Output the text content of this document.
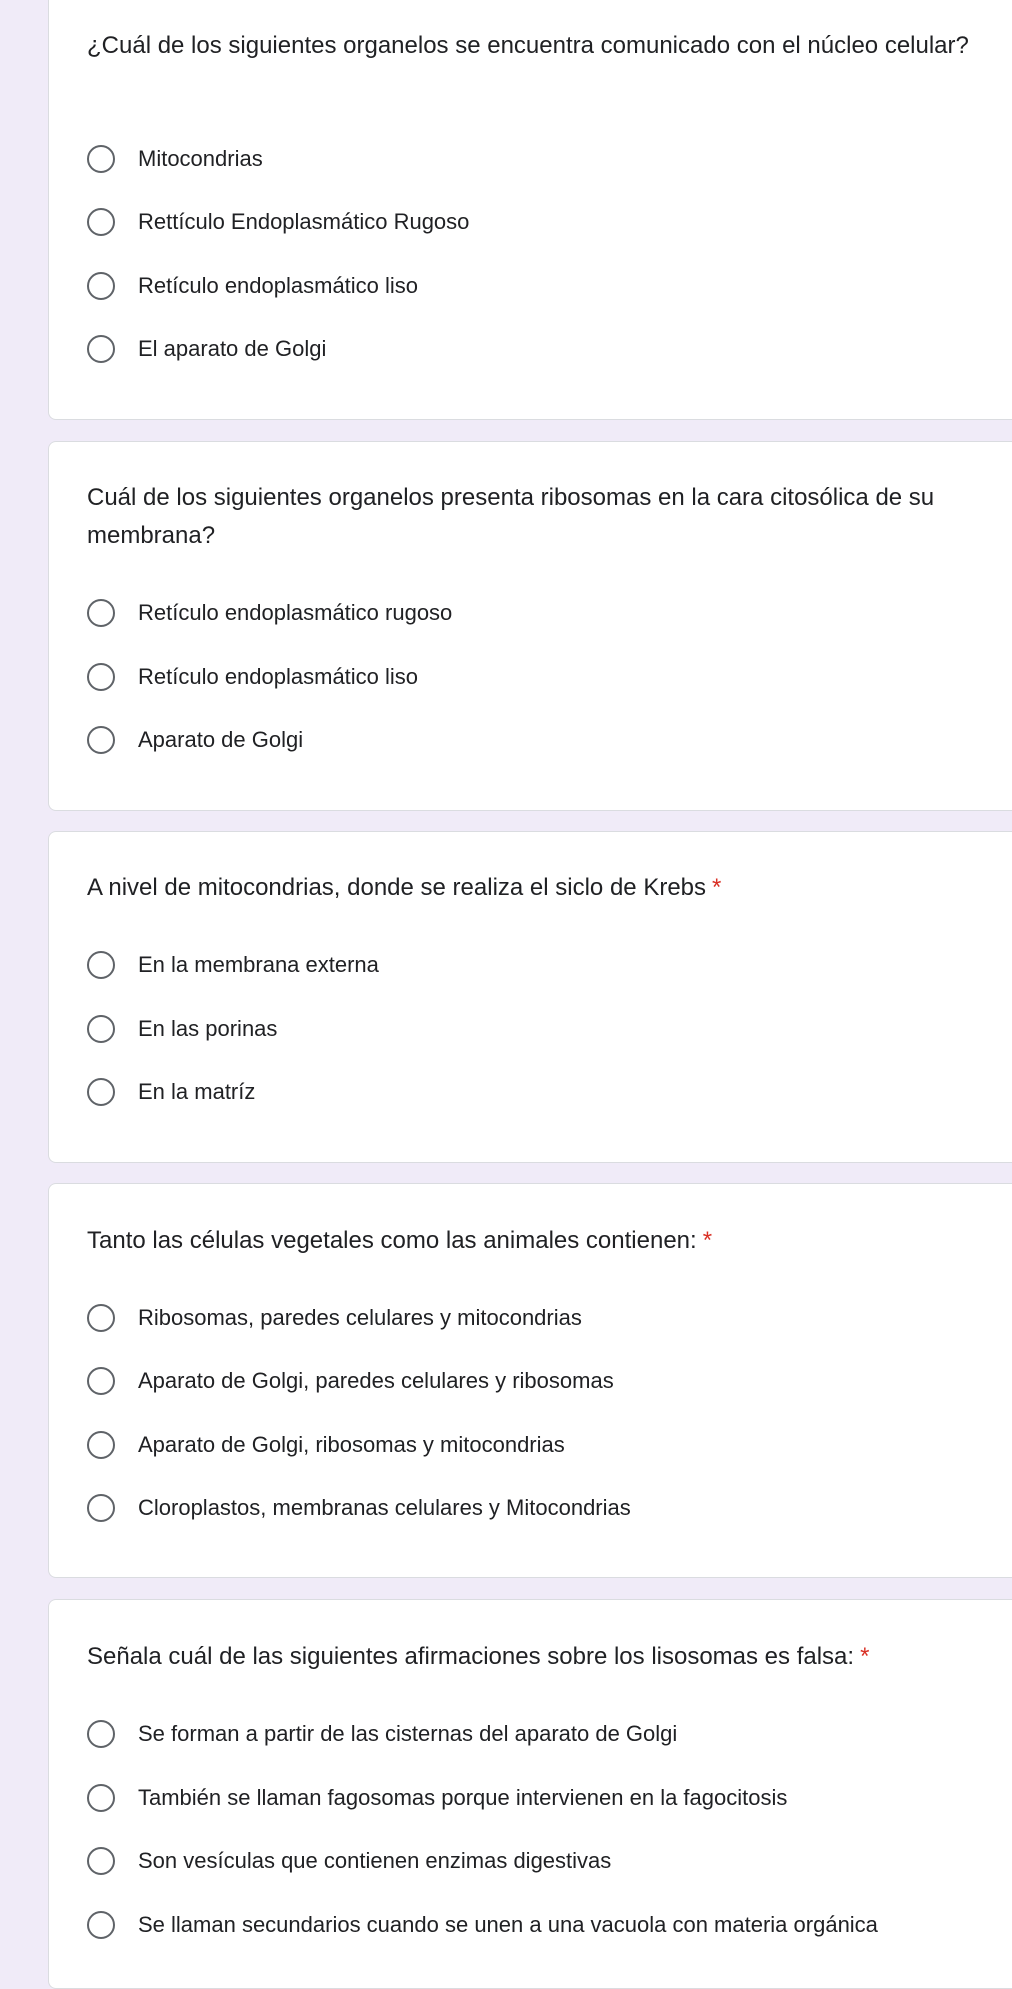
¿Cuál de los siguientes organelos se encuentra comunicado con el núcleo celular?
Mitocondrias
Rettículo Endoplasmático Rugoso
Retículo endoplasmático liso
El aparato de Golgi
Cuál de los siguientes organelos presenta ribosomas en la cara citosólica de su membrana?
Retículo endoplasmático rugoso
Retículo endoplasmático liso
Aparato de Golgi
A nivel de mitocondrias, donde se realiza el siclo de Krebs *
En la membrana externa
En las porinas
En la matríz
Tanto las células vegetales como las animales contienen: *
Ribosomas, paredes celulares y mitocondrias
Aparato de Golgi, paredes celulares y ribosomas
Aparato de Golgi, ribosomas y mitocondrias
Cloroplastos, membranas celulares y Mitocondrias
Señala cuál de las siguientes afirmaciones sobre los lisosomas es falsa: *
Se forman a partir de las cisternas del aparato de Golgi
También se llaman fagosomas porque intervienen en la fagocitosis
Son vesículas que contienen enzimas digestivas
Se llaman secundarios cuando se unen a una vacuola con materia orgánica
